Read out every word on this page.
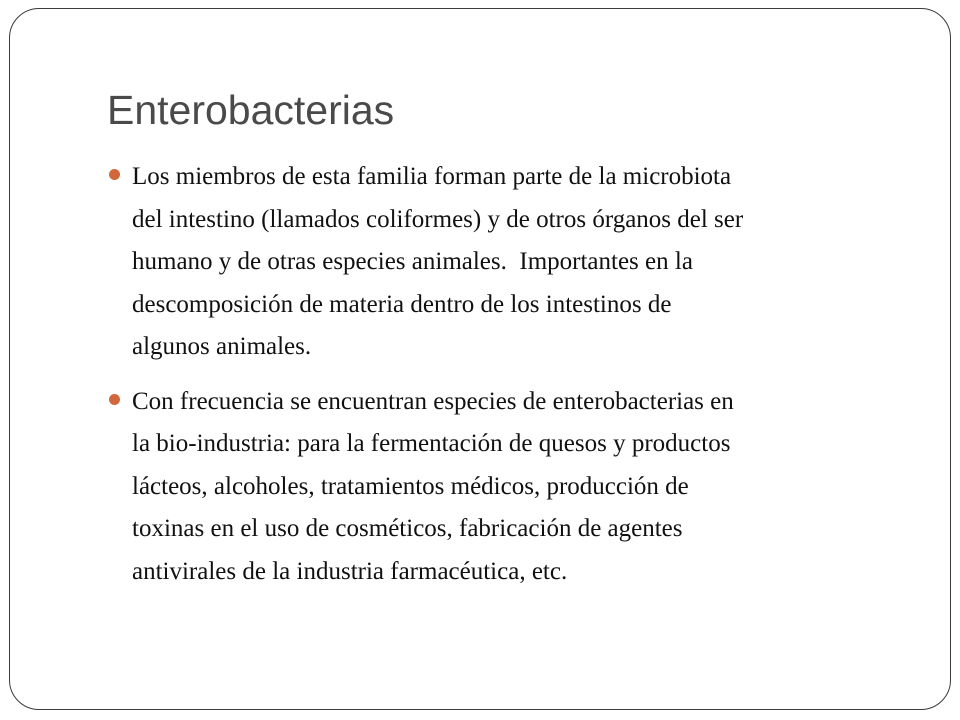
Enterobacterias

Los miembros de esta familia forman parte de la microbiota
del intestino (llamados coliformes) y de otros órganos del ser
humano y de otras especies animales.  Importantes en la
descomposición de materia dentro de los intestinos de
algunos animales.

Con frecuencia se encuentran especies de enterobacterias en
la bio-industria: para la fermentación de quesos y productos
lácteos, alcoholes, tratamientos médicos, producción de
toxinas en el uso de cosméticos, fabricación de agentes
antivirales de la industria farmacéutica, etc.
